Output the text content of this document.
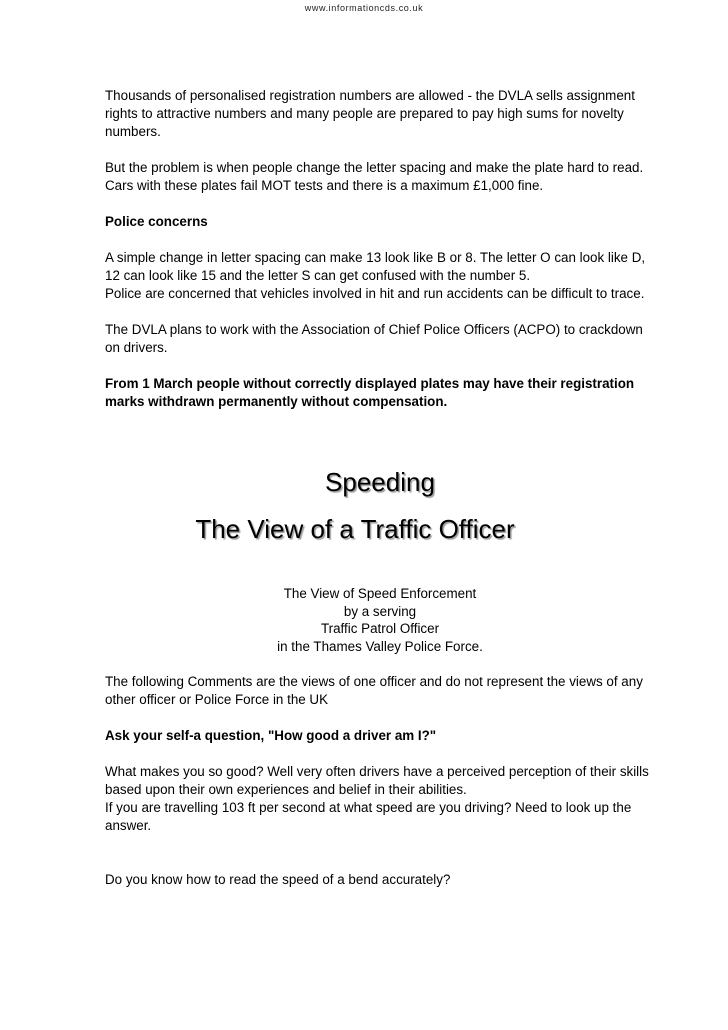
www.informationcds.co.uk

Thousands of personalised registration numbers are allowed - the DVLA sells assignment rights to attractive numbers and many people are prepared to pay high sums for novelty numbers.

But the problem is when people change the letter spacing and make the plate hard to read. Cars with these plates fail MOT tests and there is a maximum £1,000 fine.

Police concerns

A simple change in letter spacing can make 13 look like B or 8. The letter O can look like D, 12 can look like 15 and the letter S can get confused with the number 5.
Police are concerned that vehicles involved in hit and run accidents can be difficult to trace.

The DVLA plans to work with the Association of Chief Police Officers (ACPO) to crackdown on drivers.

From 1 March people without correctly displayed plates may have their registration marks withdrawn permanently without compensation.

Speeding
The View of a Traffic Officer
The View of Speed Enforcement
by a serving
Traffic Patrol Officer
in the Thames Valley Police Force.

The following Comments are the views of one officer and do not represent the views of any other officer or Police Force in the UK

Ask your self-a question, "How good a driver am I?"

What makes you so good? Well very often drivers have a perceived perception of their skills based upon their own experiences and belief in their abilities.
If you are travelling 103 ft per second at what speed are you driving? Need to look up the answer.

Do you know how to read the speed of a bend accurately?
